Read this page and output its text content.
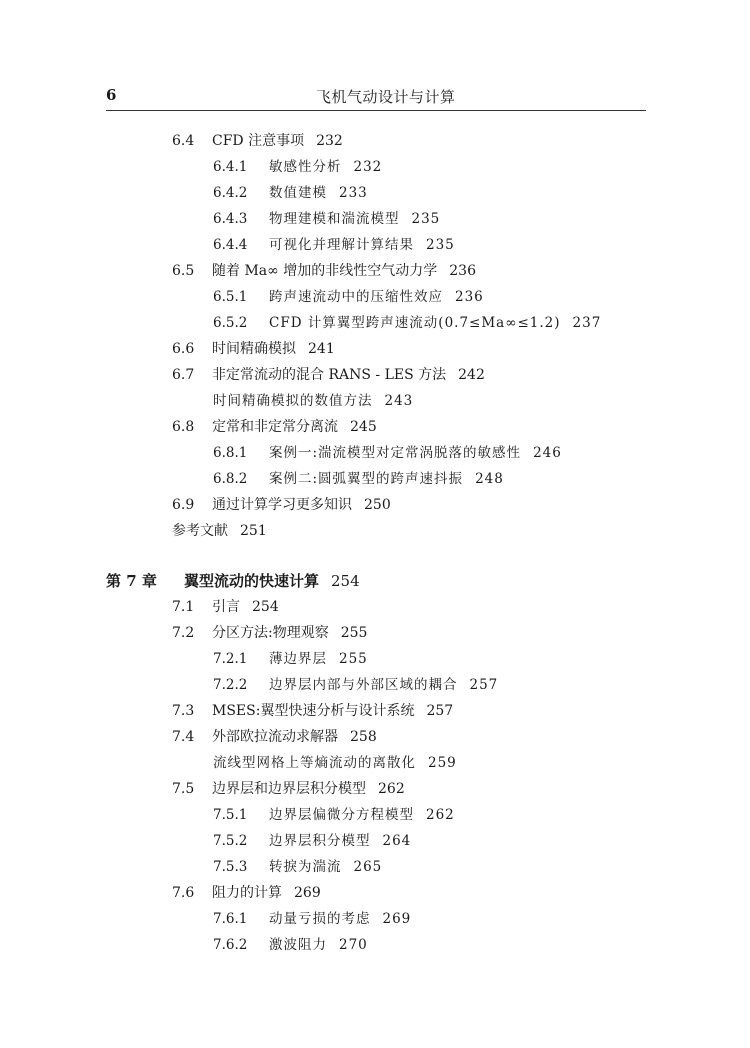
6	飞机气动设计与计算
6.4 CFD 注意事项 232
6.4.1 敏感性分析 232
6.4.2 数值建模 233
6.4.3 物理建模和湍流模型 235
6.4.4 可视化并理解计算结果 235
6.5 随着 Ma∞ 增加的非线性空气动力学 236
6.5.1 跨声速流动中的压缩性效应 236
6.5.2 CFD 计算翼型跨声速流动(0.7≤Ma∞≤1.2) 237
6.6 时间精确模拟 241
6.7 非定常流动的混合 RANS - LES 方法 242
时间精确模拟的数值方法 243
6.8 定常和非定常分离流 245
6.8.1 案例一:湍流模型对定常涡脱落的敏感性 246
6.8.2 案例二:圆弧翼型的跨声速抖振 248
6.9 通过计算学习更多知识 250
参考文献 251
第 7 章 翼型流动的快速计算 254
7.1 引言 254
7.2 分区方法:物理观察 255
7.2.1 薄边界层 255
7.2.2 边界层内部与外部区域的耦合 257
7.3 MSES:翼型快速分析与设计系统 257
7.4 外部欧拉流动求解器 258
流线型网格上等熵流动的离散化 259
7.5 边界层和边界层积分模型 262
7.5.1 边界层偏微分方程模型 262
7.5.2 边界层积分模型 264
7.5.3 转捩为湍流 265
7.6 阻力的计算 269
7.6.1 动量亏损的考虑 269
7.6.2 激波阻力 270
